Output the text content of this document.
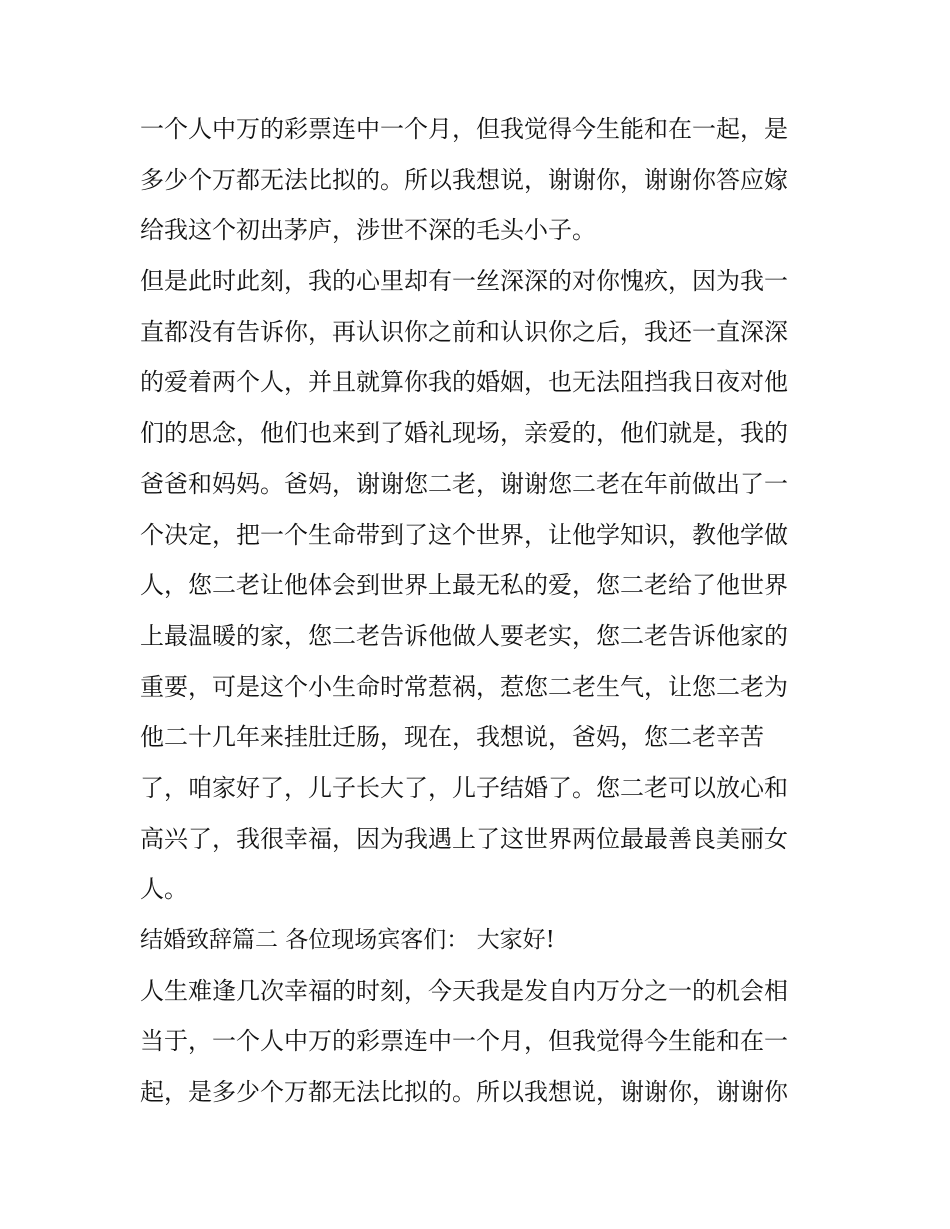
一个人中万的彩票连中一个月，但我觉得今生能和在一起，是
多少个万都无法比拟的。所以我想说，谢谢你，谢谢你答应嫁
给我这个初出茅庐，涉世不深的毛头小子。
但是此时此刻，我的心里却有一丝深深的对你愧疚，因为我一
直都没有告诉你，再认识你之前和认识你之后，我还一直深深
的爱着两个人，并且就算你我的婚姻，也无法阻挡我日夜对他
们的思念，他们也来到了婚礼现场，亲爱的，他们就是，我的
爸爸和妈妈。爸妈，谢谢您二老，谢谢您二老在年前做出了一
个决定，把一个生命带到了这个世界，让他学知识，教他学做
人，您二老让他体会到世界上最无私的爱，您二老给了他世界
上最温暖的家，您二老告诉他做人要老实，您二老告诉他家的
重要，可是这个小生命时常惹祸，惹您二老生气，让您二老为
他二十几年来挂肚迁肠，现在，我想说，爸妈，您二老辛苦
了，咱家好了，儿子长大了，儿子结婚了。您二老可以放心和
高兴了，我很幸福，因为我遇上了这世界两位最最善良美丽女
人。
结婚致辞篇二 各位现场宾客们： 大家好!
人生难逢几次幸福的时刻，今天我是发自内万分之一的机会相
当于，一个人中万的彩票连中一个月，但我觉得今生能和在一
起，是多少个万都无法比拟的。所以我想说，谢谢你，谢谢你
